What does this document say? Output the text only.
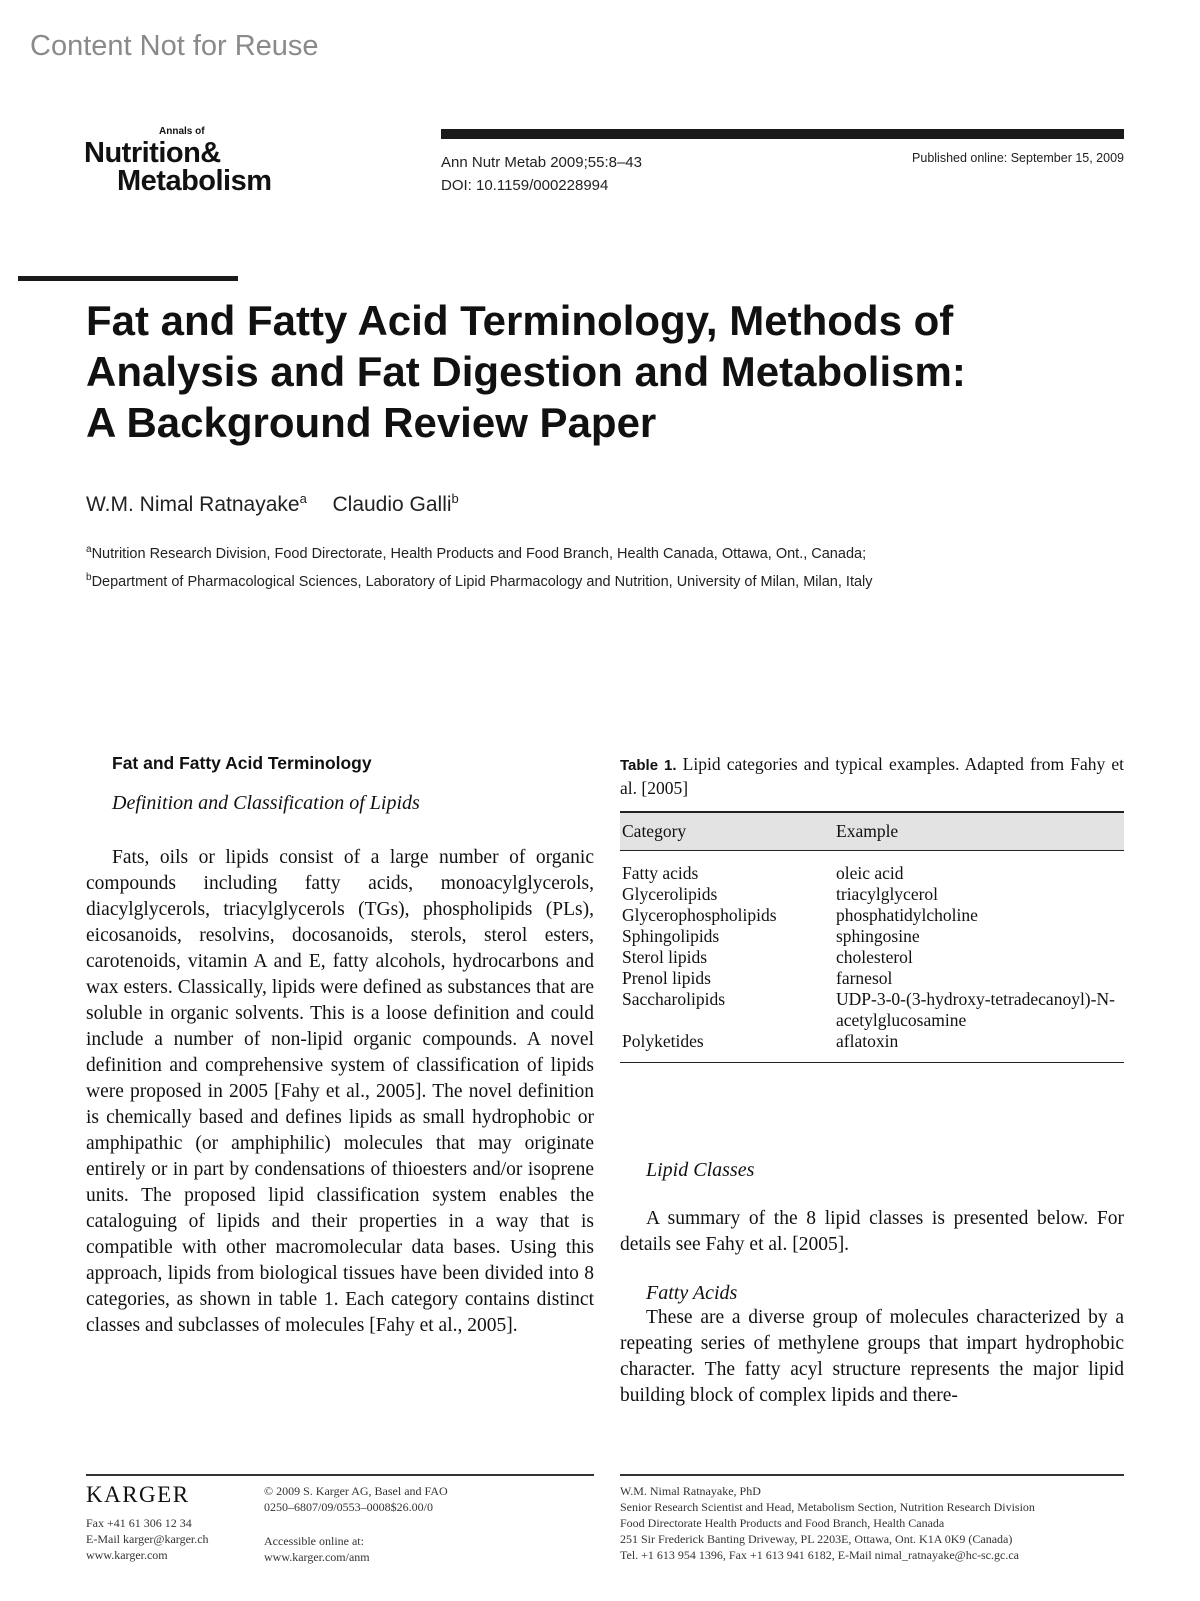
Content Not for Reuse
Annals of
Nutrition&
Metabolism
Ann Nutr Metab 2009;55:8–43
DOI: 10.1159/000228994
Published online: September 15, 2009
Fat and Fatty Acid Terminology, Methods of Analysis and Fat Digestion and Metabolism: A Background Review Paper
W.M. Nimal Ratnayake$^a$ Claudio Galli$^b$
$^a$Nutrition Research Division, Food Directorate, Health Products and Food Branch, Health Canada, Ottawa, Ont., Canada; $^b$Department of Pharmacological Sciences, Laboratory of Lipid Pharmacology and Nutrition, University of Milan, Milan, Italy
Fat and Fatty Acid Terminology
Definition and Classification of Lipids

Fats, oils or lipids consist of a large number of organic compounds including fatty acids, monoacylglycerols, diacylglycerols, triacylglycerols (TGs), phospholipids (PLs), eicosanoids, resolvins, docosanoids, sterols, sterol esters, carotenoids, vitamin A and E, fatty alcohols, hydrocarbons and wax esters. Classically, lipids were defined as substances that are soluble in organic solvents. This is a loose definition and could include a number of non-lipid organic compounds. A novel definition and comprehensive system of classification of lipids were proposed in 2005 [Fahy et al., 2005]. The novel definition is chemically based and defines lipids as small hydrophobic or amphipathic (or amphiphilic) molecules that may originate entirely or in part by condensations of thioesters and/or isoprene units. The proposed lipid classification system enables the cataloguing of lipids and their properties in a way that is compatible with other macromolecular data bases. Using this approach, lipids from biological tissues have been divided into 8 categories, as shown in table 1. Each category contains distinct classes and subclasses of molecules [Fahy et al., 2005].

Table 1. Lipid categories and typical examples. Adapted from Fahy et al. [2005]

Category	Example
Fatty acids	oleic acid
Glycerolipids	triacylglycerol
Glycerophospholipids	phosphatidylcholine
Sphingolipids	sphingosine
Sterol lipids	cholesterol
Prenol lipids	farnesol
Saccharolipids	UDP-3-0-(3-hydroxy-tetradecanoyl)-N-acetylglucosamine
Polyketides	aflatoxin
Lipid Classes

A summary of the 8 lipid classes is presented below. For details see Fahy et al. [2005].

Fatty Acids

These are a diverse group of molecules characterized by a repeating series of methylene groups that impart hydrophobic character. The fatty acyl structure represents the major lipid building block of complex lipids and there-

KARGER
Fax +41 61 306 12 34
E-Mail karger@karger.ch
www.karger.com
© 2009 S. Karger AG, Basel and FAO
0250–6807/09/0553–0008$26.00/0
Accessible online at:
www.karger.com/anm
W.M. Nimal Ratnayake, PhD
Senior Research Scientist and Head, Metabolism Section, Nutrition Research Division
Food Directorate Health Products and Food Branch, Health Canada
251 Sir Frederick Banting Driveway, PL 2203E, Ottawa, Ont. K1A 0K9 (Canada)
Tel. +1 613 954 1396, Fax +1 613 941 6182, E-Mail nimal_ratnayake@hc-sc.gc.ca
